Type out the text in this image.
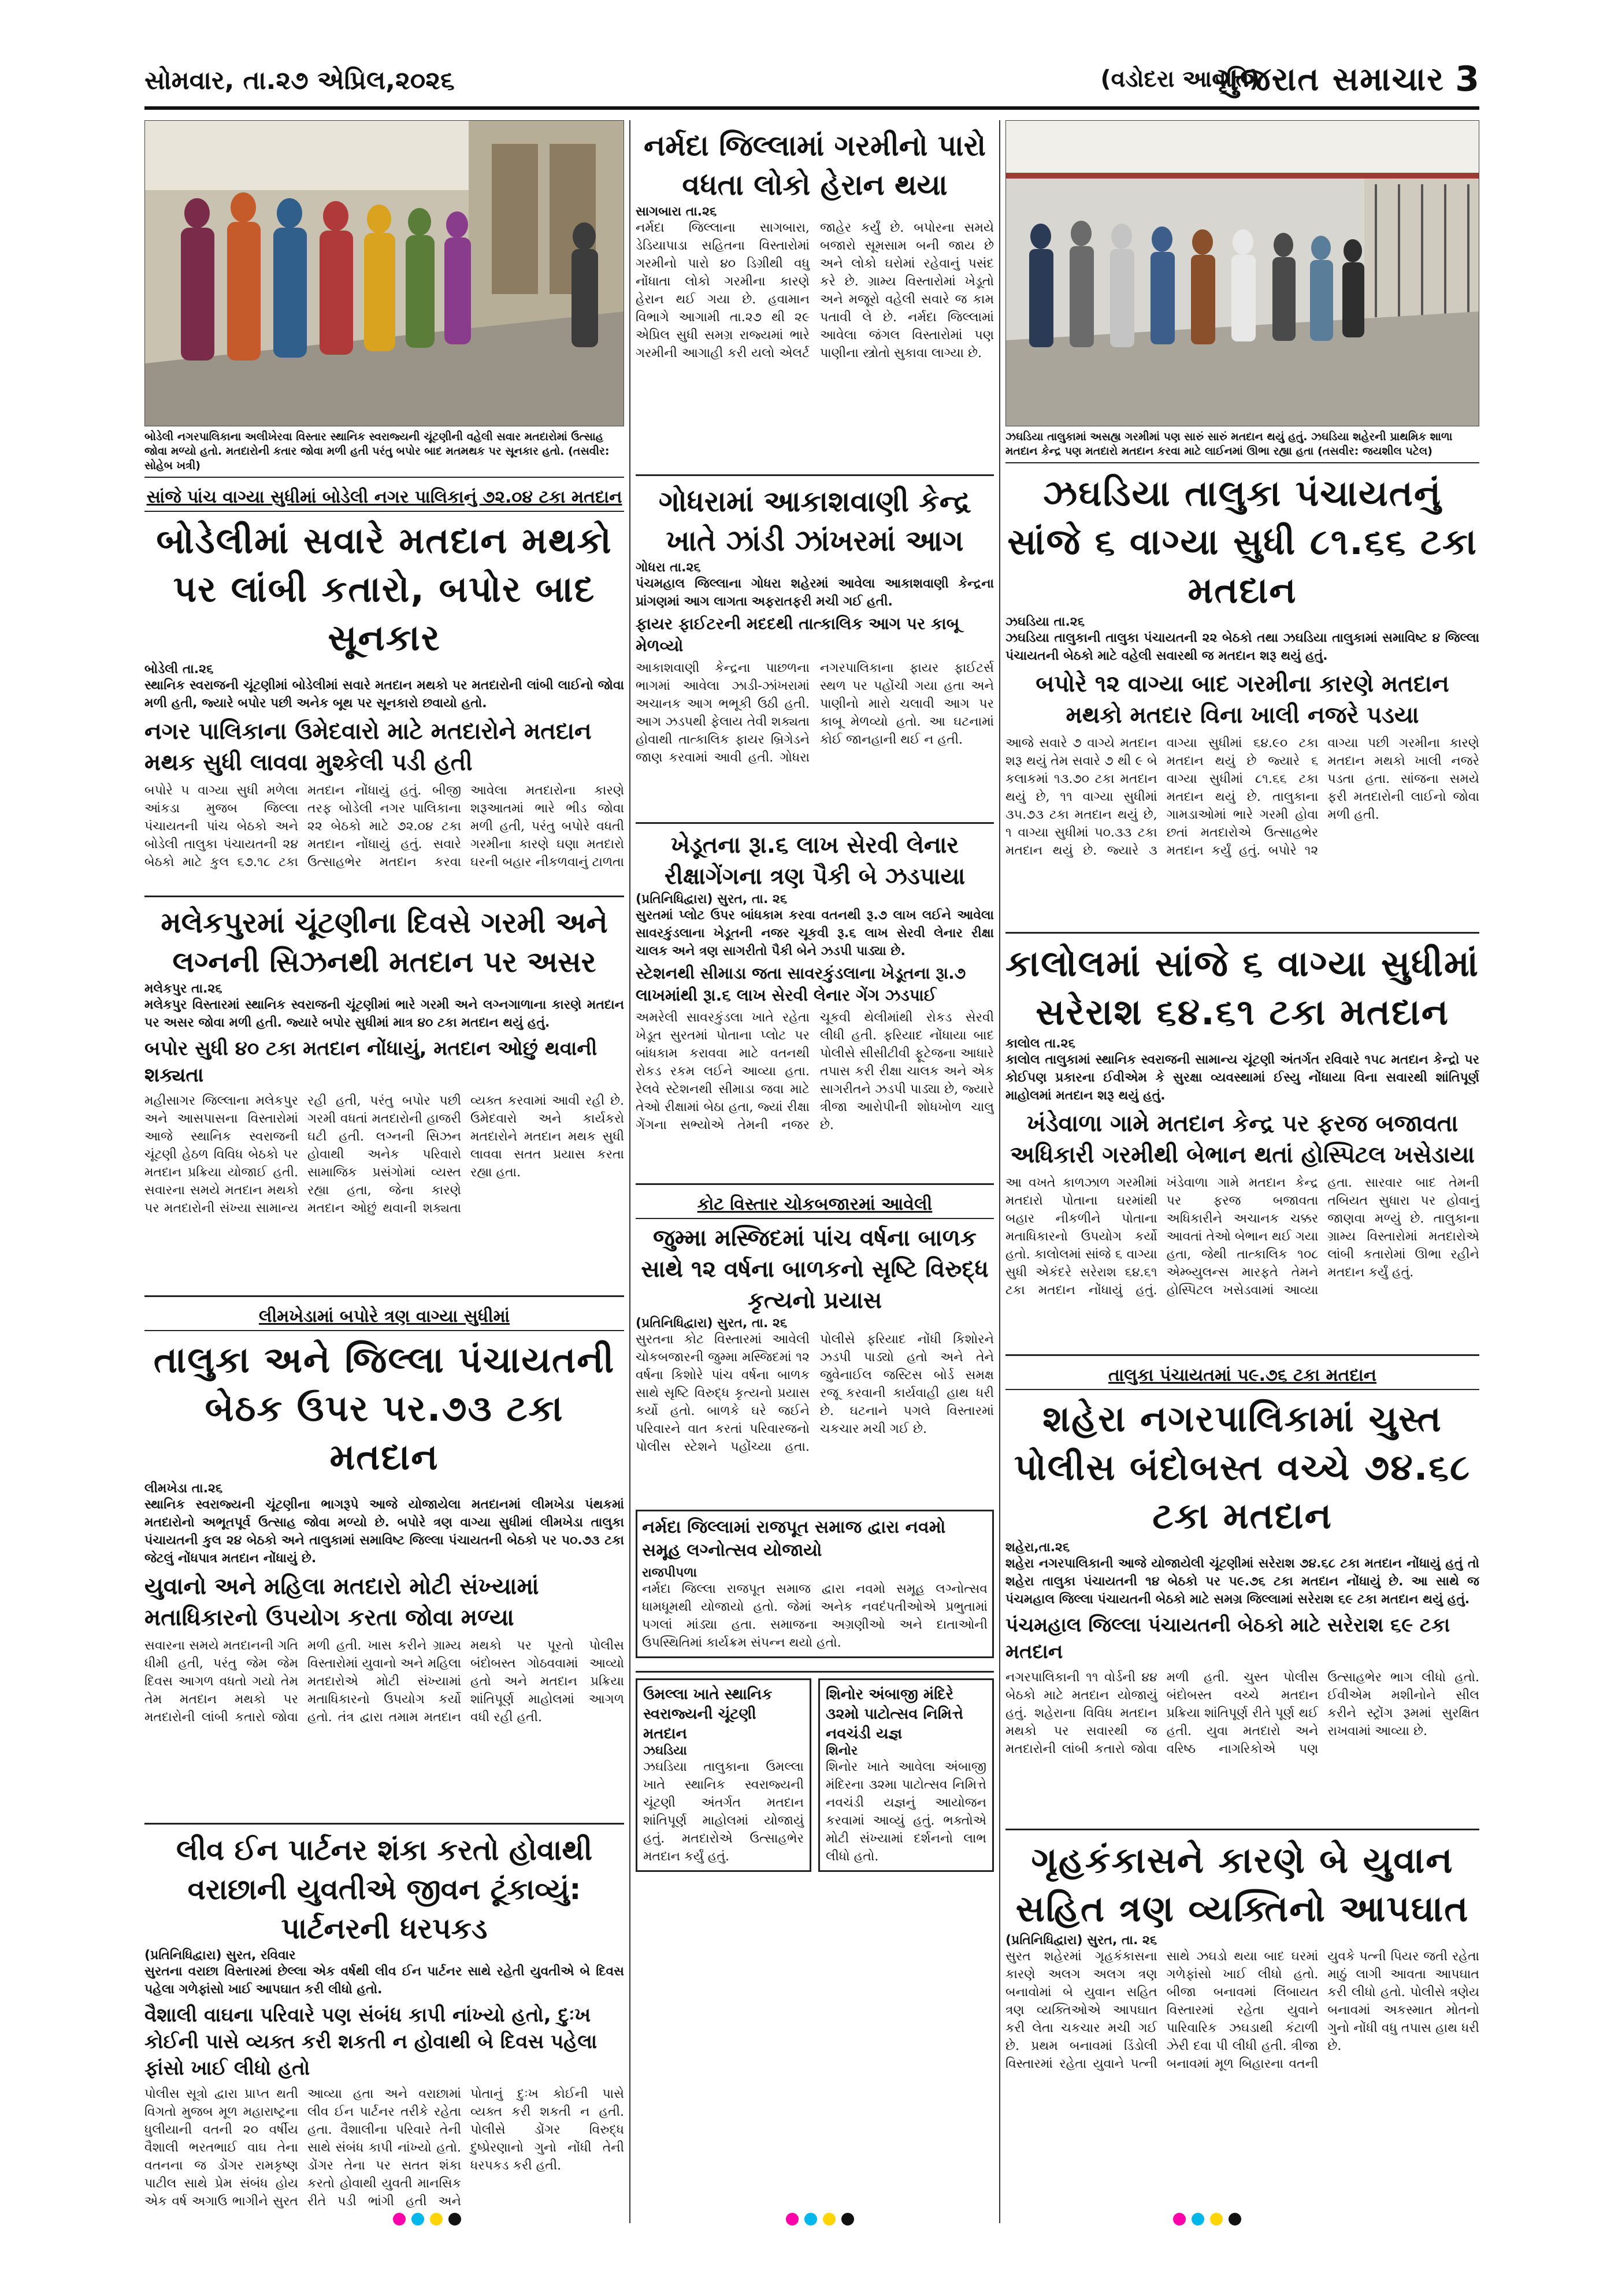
સોમવાર, તા.૨૭ એપ્રિલ,૨૦૨૬	(વડોદરા આવૃત્તિ)
ગુજરાત સમાચાર 3
બોડેલી નગરપાલિકાના અલીખેરવા વિસ્તાર સ્થાનિક સ્વરાજ્યની ચૂંટણીની વહેલી સવાર મતદારોમાં ઉત્સાહ જોવા મળ્યો હતો. મતદારોની કતાર જોવા મળી હતી પરંતુ બપોર બાદ મતમથક પર સૂનકાર હતો. (તસવીર: સોહેબ ખત્રી)
સાંજે પાંચ વાગ્યા સુધીમાં બોડેલી નગર પાલિકાનું ૭૨.૦૪ ટકા મતદાન
બોડેલીમાં સવારે મતદાન મથકો પર લાંબી કતારો, બપોર બાદ સૂનકાર
બોડેલી તા.૨૬
સ્થાનિક સ્વરાજની ચૂંટણીમાં બોડેલીમાં સવારે મતદાન મથકો પર મતદારોની લાંબી લાઈનો જોવા મળી હતી, જ્યારે બપોર પછી અનેક બૂથ પર સૂનકારો છવાયો હતો.
નગર પાલિકાના ઉમેદવારો માટે મતદારોને મતદાન મથક સુધી લાવવા મુશ્કેલી પડી હતી
બપોરે ૫ વાગ્યા સુધી મળેલા આંકડા મુજબ જિલ્લા પંચાયતની પાંચ બેઠકો અને બોડેલી તાલુકા પંચાયતની ૨૪ બેઠકો માટે કુલ ૬૭.૧૮ ટકા મતદાન નોંધાયું હતું. બીજી તરફ બોડેલી નગર પાલિકાના ૨૨ બેઠકો માટે ૭૨.૦૪ ટકા મતદાન નોંધાયું હતું. સવારે ઉત્સાહભેર મતદાન કરવા આવેલા મતદારોના કારણે શરૂઆતમાં ભારે ભીડ જોવા મળી હતી, પરંતુ બપોરે વધતી ગરમીના કારણે ઘણા મતદારો ઘરની બહાર નીકળવાનું ટાળતા
મલેકપુરમાં ચૂંટણીના દિવસે ગરમી અને લગ્નની સિઝનથી મતદાન પર અસર
મલેકપુર તા.૨૬
મલેકપુર વિસ્તારમાં સ્થાનિક સ્વરાજની ચૂંટણીમાં ભારે ગરમી અને લગ્નગાળાના કારણે મતદાન પર અસર જોવા મળી હતી. જ્યારે બપોર સુધીમાં માત્ર ૪૦ ટકા મતદાન થયું હતું.
બપોર સુધી ૪૦ ટકા મતદાન નોંધાયું, મતદાન ઓછું થવાની શક્યતા
મહીસાગર જિલ્લાના મલેકપુર અને આસપાસના વિસ્તારોમાં આજે સ્થાનિક સ્વરાજની ચૂંટણી હેઠળ વિવિધ બેઠકો પર મતદાન પ્રક્રિયા યોજાઈ હતી. સવારના સમયે મતદાન મથકો પર મતદારોની સંખ્યા સામાન્ય રહી હતી, પરંતુ બપોર પછી ગરમી વધતાં મતદારોની હાજરી ઘટી હતી. લગ્નની સિઝન હોવાથી અનેક પરિવારો સામાજિક પ્રસંગોમાં વ્યસ્ત રહ્યા હતા, જેના કારણે મતદાન ઓછું થવાની શક્યતા વ્યક્ત કરવામાં આવી રહી છે. ઉમેદવારો અને કાર્યકરો મતદારોને મતદાન મથક સુધી લાવવા સતત પ્રયાસ કરતા રહ્યા હતા.
લીમખેડામાં બપોરે ત્રણ વાગ્યા સુધીમાં
તાલુકા અને જિલ્લા પંચાયતની બેઠક ઉપર પર.૭૩ ટકા મતદાન
લીમખેડા તા.૨૬
સ્થાનિક સ્વરાજ્યની ચૂંટણીના ભાગરૂપે આજે યોજાયેલા મતદાનમાં લીમખેડા પંથકમાં મતદારોનો અભૂતપૂર્વ ઉત્સાહ જોવા મળ્યો છે. બપોરે ત્રણ વાગ્યા સુધીમાં લીમખેડા તાલુકા પંચાયતની કુલ ૨૪ બેઠકો અને તાલુકામાં સમાવિષ્ટ જિલ્લા પંચાયતની બેઠકો પર પ૦.૭૩ ટકા જેટલું નોંધપાત્ર મતદાન નોંધાયું છે.
યુવાનો અને મહિલા મતદારો મોટી સંખ્યામાં મતાધિકારનો ઉપયોગ કરતા જોવા મળ્યા
સવારના સમયે મતદાનની ગતિ ધીમી હતી, પરંતુ જેમ જેમ દિવસ આગળ વધતો ગયો તેમ તેમ મતદાન મથકો પર મતદારોની લાંબી કતારો જોવા મળી હતી. ખાસ કરીને ગ્રામ્ય વિસ્તારોમાં યુવાનો અને મહિલા મતદારોએ મોટી સંખ્યામાં મતાધિકારનો ઉપયોગ કર્યો હતો. તંત્ર દ્વારા તમામ મતદાન મથકો પર પૂરતો પોલીસ બંદોબસ્ત ગોઠવવામાં આવ્યો હતો અને મતદાન પ્રક્રિયા શાંતિપૂર્ણ માહોલમાં આગળ વધી રહી હતી.
લીવ ઈન પાર્ટનર શંકા કરતો હોવાથી વરાછાની યુવતીએ જીવન ટૂંકાવ્યું: પાર્ટનરની ધરપકડ
(પ્રતિનિધિદ્વારા) સુરત, રવિવાર
સુરતના વરાછા વિસ્તારમાં છેલ્લા એક વર્ષથી લીવ ઈન પાર્ટનર સાથે રહેતી યુવતીએ બે દિવસ પહેલા ગળેફાંસો ખાઈ આપઘાત કરી લીધો હતો.
વૈશાલી વાઘના પરિવારે પણ સંબંધ કાપી નાંખ્યો હતો, દુઃખ કોઈની પાસે વ્યક્ત કરી શકતી ન હોવાથી બે દિવસ પહેલા ફાંસો ખાઈ લીધો હતો
પોલીસ સૂત્રો દ્વારા પ્રાપ્ત થતી વિગતો મુજબ મૂળ મહારાષ્ટ્રના ધુલીયાની વતની ૨૦ વર્ષીય વૈશાલી ભરતભાઈ વાઘ તેના વતનના જ ડોંગર રામકૃષ્ણ પાટીલ સાથે પ્રેમ સંબંધ હોય એક વર્ષ અગાઉ ભાગીને સુરત આવ્યા હતા અને વરાછામાં લીવ ઈન પાર્ટનર તરીકે રહેતા હતા. વૈશાલીના પરિવારે તેની સાથે સંબંધ કાપી નાંખ્યો હતો. ડોંગર તેના પર સતત શંકા કરતો હોવાથી યુવતી માનસિક રીતે પડી ભાંગી હતી અને પોતાનું દુઃખ કોઈની પાસે વ્યક્ત કરી શકતી ન હતી. પોલીસે ડોંગર વિરુદ્ધ દુષ્પ્રેરણાનો ગુનો નોંધી તેની ધરપકડ કરી હતી.
નર્મદા જિલ્લામાં ગરમીનો પારો વધતા લોકો હેરાન થયા
સાગબારા તા.૨૬
નર્મદા જિલ્લાના સાગબારા, ડેડિયાપાડા સહિતના વિસ્તારોમાં ગરમીનો પારો ૪૦ ડિગ્રીથી વધુ નોંધાતા લોકો ગરમીના કારણે હેરાન થઈ ગયા છે. હવામાન વિભાગે આગામી તા.૨૭ થી ૨૯ એપ્રિલ સુધી સમગ્ર રાજ્યમાં ભારે ગરમીની આગાહી કરી યલો એલર્ટ જાહેર કર્યું છે. બપોરના સમયે બજારો સૂમસામ બની જાય છે અને લોકો ઘરોમાં રહેવાનું પસંદ કરે છે. ગ્રામ્ય વિસ્તારોમાં ખેડૂતો અને મજૂરો વહેલી સવારે જ કામ પતાવી લે છે. નર્મદા જિલ્લામાં આવેલા જંગલ વિસ્તારોમાં પણ પાણીના સ્ત્રોતો સુકાવા લાગ્યા છે.
ગોધરામાં આકાશવાણી કેન્દ્ર ખાતે ઝાંડી ઝાંખરમાં આગ
ગોધરા તા.૨૬
પંચમહાલ જિલ્લાના ગોધરા શહેરમાં આવેલા આકાશવાણી કેન્દ્રના પ્રાંગણમાં આગ લાગતા અફરાતફરી મચી ગઈ હતી.
ફાયર ફાઈટરની મદદથી તાત્કાલિક આગ પર કાબૂ મેળવ્યો
આકાશવાણી કેન્દ્રના પાછળના ભાગમાં આવેલા ઝાડી-ઝાંખરામાં અચાનક આગ ભભૂકી ઉઠી હતી. આગ ઝડપથી ફેલાય તેવી શક્યતા હોવાથી તાત્કાલિક ફાયર બ્રિગેડને જાણ કરવામાં આવી હતી. ગોધરા નગરપાલિકાના ફાયર ફાઈટર્સ સ્થળ પર પહોંચી ગયા હતા અને પાણીનો મારો ચલાવી આગ પર કાબૂ મેળવ્યો હતો. આ ઘટનામાં કોઈ જાનહાની થઈ ન હતી.
ખેડૂતના રૂા.૬ લાખ સેરવી લેનાર રીક્ષાગેંગના ત્રણ પૈકી બે ઝડપાયા
(પ્રતિનિધિદ્વારા) સુરત, તા. ૨૬
સુરતમાં પ્લોટ ઉપર બાંધકામ કરવા વતનથી રૂ.૭ લાખ લઈને આવેલા સાવરકુંડલાના ખેડૂતની નજર ચૂકવી રૂ.૬ લાખ સેરવી લેનાર રીક્ષા ચાલક અને ત્રણ સાગરીતો પૈકી બેને ઝડપી પાડ્યા છે.
સ્ટેશનથી સીમાડા જતા સાવરકુંડલાના ખેડૂતના રૂા.૭ લાખમાંથી રૂા.૬ લાખ સેરવી લેનાર ગેંગ ઝડપાઈ
અમરેલી સાવરકુંડલા ખાતે રહેતા ખેડૂત સુરતમાં પોતાના પ્લોટ પર બાંધકામ કરાવવા માટે વતનથી રોકડ રકમ લઈને આવ્યા હતા. રેલવે સ્ટેશનથી સીમાડા જવા માટે તેઓ રીક્ષામાં બેઠા હતા, જ્યાં રીક્ષા ગેંગના સભ્યોએ તેમની નજર ચૂકવી થેલીમાંથી રોકડ સેરવી લીધી હતી. ફરિયાદ નોંધાયા બાદ પોલીસે સીસીટીવી ફૂટેજના આધારે તપાસ કરી રીક્ષા ચાલક અને એક સાગરીતને ઝડપી પાડ્યા છે, જ્યારે ત્રીજા આરોપીની શોધખોળ ચાલુ છે.
કોટ વિસ્તાર ચોકબજારમાં આવેલી
જુમ્મા મસ્જિદમાં પાંચ વર્ષના બાળક સાથે ૧૨ વર્ષના બાળકનો સૃષ્ટિ વિરુદ્ધ કૃત્યનો પ્રયાસ
(પ્રતિનિધિદ્વારા) સુરત, તા. ૨૬
સુરતના કોટ વિસ્તારમાં આવેલી ચોકબજારની જુમ્મા મસ્જિદમાં ૧૨ વર્ષના કિશોરે પાંચ વર્ષના બાળક સાથે સૃષ્ટિ વિરુદ્ધ કૃત્યનો પ્રયાસ કર્યો હતો. બાળકે ઘરે જઈને પરિવારને વાત કરતાં પરિવારજનો પોલીસ સ્ટેશને પહોંચ્યા હતા. પોલીસે ફરિયાદ નોંધી કિશોરને ઝડપી પાડ્યો હતો અને તેને જુવેનાઈલ જસ્ટિસ બોર્ડ સમક્ષ રજૂ કરવાની કાર્યવાહી હાથ ધરી છે. ઘટનાને પગલે વિસ્તારમાં ચકચાર મચી ગઈ છે.
નર્મદા જિલ્લામાં રાજપૂત સમાજ દ્વારા નવમો સમૂહ લગ્નોત્સવ યોજાયો
રાજપીપળા
નર્મદા જિલ્લા રાજપૂત સમાજ દ્વારા નવમો સમૂહ લગ્નોત્સવ ધામધૂમથી યોજાયો હતો. જેમાં અનેક નવદંપતીઓએ પ્રભુતામાં પગલાં માંડ્યા હતા. સમાજના અગ્રણીઓ અને દાતાઓની ઉપસ્થિતિમાં કાર્યક્રમ સંપન્ન થયો હતો.
ઉમલ્લા ખાતે સ્થાનિક સ્વરાજ્યની ચૂંટણી મતદાન
ઝઘડિયા
ઝઘડિયા તાલુકાના ઉમલ્લા ખાતે સ્થાનિક સ્વરાજ્યની ચૂંટણી અંતર્ગત મતદાન શાંતિપૂર્ણ માહોલમાં યોજાયું હતું. મતદારોએ ઉત્સાહભેર મતદાન કર્યું હતું.
શિનોર અંબાજી મંદિરે ૩૨મો પાટોત્સવ નિમિત્તે નવચંડી યજ્ઞ
શિનોર
શિનોર ખાતે આવેલા અંબાજી મંદિરના ૩૨મા પાટોત્સવ નિમિત્તે નવચંડી યજ્ઞનું આયોજન કરવામાં આવ્યું હતું. ભક્તોએ મોટી સંખ્યામાં દર્શનનો લાભ લીધો હતો.
ઝઘડિયા તાલુકામાં અસહ્ય ગરમીમાં પણ સારું સારું મતદાન થયું હતું. ઝઘડિયા શહેરની પ્રાથમિક શાળા મતદાન કેન્દ્ર પણ મતદારો મતદાન કરવા માટે લાઈનમાં ઊભા રહ્યા હતા (તસવીર: જયશીલ પટેલ)
ઝઘડિયા તાલુકા પંચાયતનું સાંજે ૬ વાગ્યા સુધી ૮૧.૬૬ ટકા મતદાન
ઝઘડિયા તા.૨૬
ઝઘડિયા તાલુકાની તાલુકા પંચાયતની ૨૨ બેઠકો તથા ઝઘડિયા તાલુકામાં સમાવિષ્ટ ૪ જિલ્લા પંચાયતની બેઠકો માટે વહેલી સવારથી જ મતદાન શરૂ થયું હતું.
બપોરે ૧૨ વાગ્યા બાદ ગરમીના કારણે મતદાન મથકો મતદાર વિના ખાલી નજરે પડયા
આજે સવારે ૭ વાગ્યે મતદાન શરૂ થયું તેમ સવારે ૭ થી ૯ બે કલાકમાં ૧૩.૭૦ ટકા મતદાન થયું છે, ૧૧ વાગ્યા સુધીમાં ૩૫.૭૩ ટકા મતદાન થયું છે, ૧ વાગ્યા સુધીમાં ૫૦.૩૩ ટકા મતદાન થયું છે. જ્યારે ૩ વાગ્યા સુધીમાં ૬૪.૯૦ ટકા મતદાન થયું છે જ્યારે ૬ વાગ્યા સુધીમાં ૮૧.૬૬ ટકા મતદાન થયું છે. તાલુકાના ગામડાઓમાં ભારે ગરમી હોવા છતાં મતદારોએ ઉત્સાહભેર મતદાન કર્યું હતું. બપોરે ૧૨ વાગ્યા પછી ગરમીના કારણે મતદાન મથકો ખાલી નજરે પડતા હતા. સાંજના સમયે ફરી મતદારોની લાઈનો જોવા મળી હતી.
કાલોલમાં સાંજે ૬ વાગ્યા સુધીમાં સરેરાશ ૬૪.૬૧ ટકા મતદાન
કાલોલ તા.૨૬
કાલોલ તાલુકામાં સ્થાનિક સ્વરાજની સામાન્ય ચૂંટણી અંતર્ગત રવિવારે ૧૫૮ મતદાન કેન્દ્રો પર કોઈપણ પ્રકારના ઈવીએમ કે સુરક્ષા વ્યવસ્થામાં ઈસ્યુ નોંધાયા વિના સવારથી શાંતિપૂર્ણ માહોલમાં મતદાન શરૂ થયું હતું.
ખંડેવાળા ગામે મતદાન કેન્દ્ર પર ફરજ બજાવતા અધિકારી ગરમીથી બેભાન થતાં હોસ્પિટલ ખસેડાયા
આ વખતે કાળઝાળ ગરમીમાં મતદારો પોતાના ઘરમાંથી બહાર નીકળીને પોતાના મતાધિકારનો ઉપયોગ કર્યો હતો. કાલોલમાં સાંજે ૬ વાગ્યા સુધી એકંદરે સરેરાશ ૬૪.૬૧ ટકા મતદાન નોંધાયું હતું. ખંડેવાળા ગામે મતદાન કેન્દ્ર પર ફરજ બજાવતા અધિકારીને અચાનક ચક્કર આવતાં તેઓ બેભાન થઈ ગયા હતા, જેથી તાત્કાલિક ૧૦૮ એમ્બ્યુલન્સ મારફતે તેમને હોસ્પિટલ ખસેડવામાં આવ્યા હતા. સારવાર બાદ તેમની તબિયત સુધારા પર હોવાનું જાણવા મળ્યું છે. તાલુકાના ગ્રામ્ય વિસ્તારોમાં મતદારોએ લાંબી કતારોમાં ઊભા રહીને મતદાન કર્યું હતું.
તાલુકા પંચાયતમાં ૫૯.૭૬ ટકા મતદાન
શહેરા નગરપાલિકામાં ચુસ્ત પોલીસ બંદોબસ્ત વચ્ચે ૭૪.૬૮ ટકા મતદાન
શહેરા,તા.૨૬
શહેરા નગરપાલિકાની આજે યોજાયેલી ચૂંટણીમાં સરેરાશ ૭૪.૬૮ ટકા મતદાન નોંધાયું હતું તો શહેરા તાલુકા પંચાયતની ૧૪ બેઠકો પર ૫૯.૭૬ ટકા મતદાન નોંધાયું છે. આ સાથે જ પંચમહાલ જિલ્લા પંચાયતની બેઠકો માટે સમગ્ર જિલ્લામાં સરેરાશ ૬૯ ટકા મતદાન થયું હતું.
પંચમહાલ જિલ્લા પંચાયતની બેઠકો માટે સરેરાશ ૬૯ ટકા મતદાન
નગરપાલિકાની ૧૧ વોર્ડની ૪૪ બેઠકો માટે મતદાન યોજાયું હતું. શહેરાના વિવિધ મતદાન મથકો પર સવારથી જ મતદારોની લાંબી કતારો જોવા મળી હતી. ચુસ્ત પોલીસ બંદોબસ્ત વચ્ચે મતદાન પ્રક્રિયા શાંતિપૂર્ણ રીતે પૂર્ણ થઈ હતી. યુવા મતદારો અને વરિષ્ઠ નાગરિકોએ પણ ઉત્સાહભેર ભાગ લીધો હતો. ઈવીએમ મશીનોને સીલ કરીને સ્ટ્રોંગ રૂમમાં સુરક્ષિત રાખવામાં આવ્યા છે.
ગૃહકંકાસને કારણે બે યુવાન સહિત ત્રણ વ્યક્તિનો આપઘાત
(પ્રતિનિધિદ્વારા) સુરત, તા. ૨૬
સુરત શહેરમાં ગૃહકંકાસના કારણે અલગ અલગ ત્રણ બનાવોમાં બે યુવાન સહિત ત્રણ વ્યક્તિઓએ આપઘાત કરી લેતા ચકચાર મચી ગઈ છે. પ્રથમ બનાવમાં ડિંડોલી વિસ્તારમાં રહેતા યુવાને પત્ની સાથે ઝઘડો થયા બાદ ઘરમાં ગળેફાંસો ખાઈ લીધો હતો. બીજા બનાવમાં લિંબાયત વિસ્તારમાં રહેતા યુવાને પારિવારિક ઝઘડાથી કંટાળી ઝેરી દવા પી લીધી હતી. ત્રીજા બનાવમાં મૂળ બિહારના વતની યુવકે પત્ની પિયર જતી રહેતા માઠું લાગી આવતા આપઘાત કરી લીધો હતો. પોલીસે ત્રણેય બનાવમાં અકસ્માત મોતનો ગુનો નોંધી વધુ તપાસ હાથ ધરી છે.
